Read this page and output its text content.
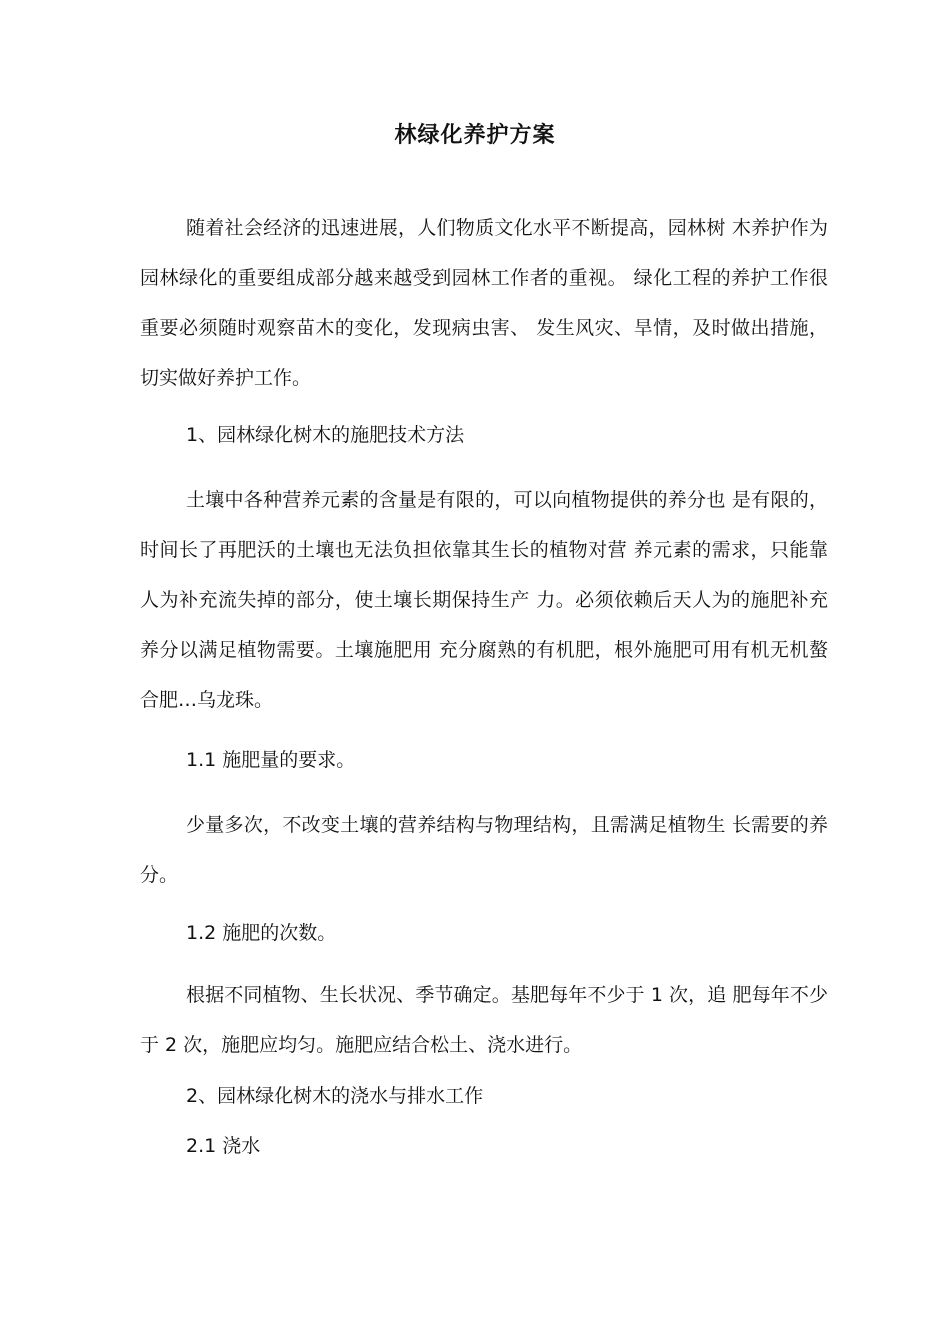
林绿化养护方案

随着社会经济的迅速进展，人们物质文化水平不断提高，园林树 木养护作为园林绿化的重要组成部分越来越受到园林工作者的重视。 绿化工程的养护工作很重要必须随时观察苗木的变化，发现病虫害、 发生风灾、旱情，及时做出措施，切实做好养护工作。

1、园林绿化树木的施肥技术方法

土壤中各种营养元素的含量是有限的，可以向植物提供的养分也 是有限的，时间长了再肥沃的土壤也无法负担依靠其生长的植物对营 养元素的需求，只能靠人为补充流失掉的部分，使土壤长期保持生产 力。必须依赖后天人为的施肥补充养分以满足植物需要。土壤施肥用 充分腐熟的有机肥，根外施肥可用有机无机螯合肥…乌龙珠。

1.1 施肥量的要求。

少量多次，不改变土壤的营养结构与物理结构，且需满足植物生 长需要的养分。

1.2 施肥的次数。

根据不同植物、生长状况、季节确定。基肥每年不少于 1 次，追 肥每年不少于 2 次，施肥应均匀。施肥应结合松土、浇水进行。

2、园林绿化树木的浇水与排水工作
2.1 浇水
